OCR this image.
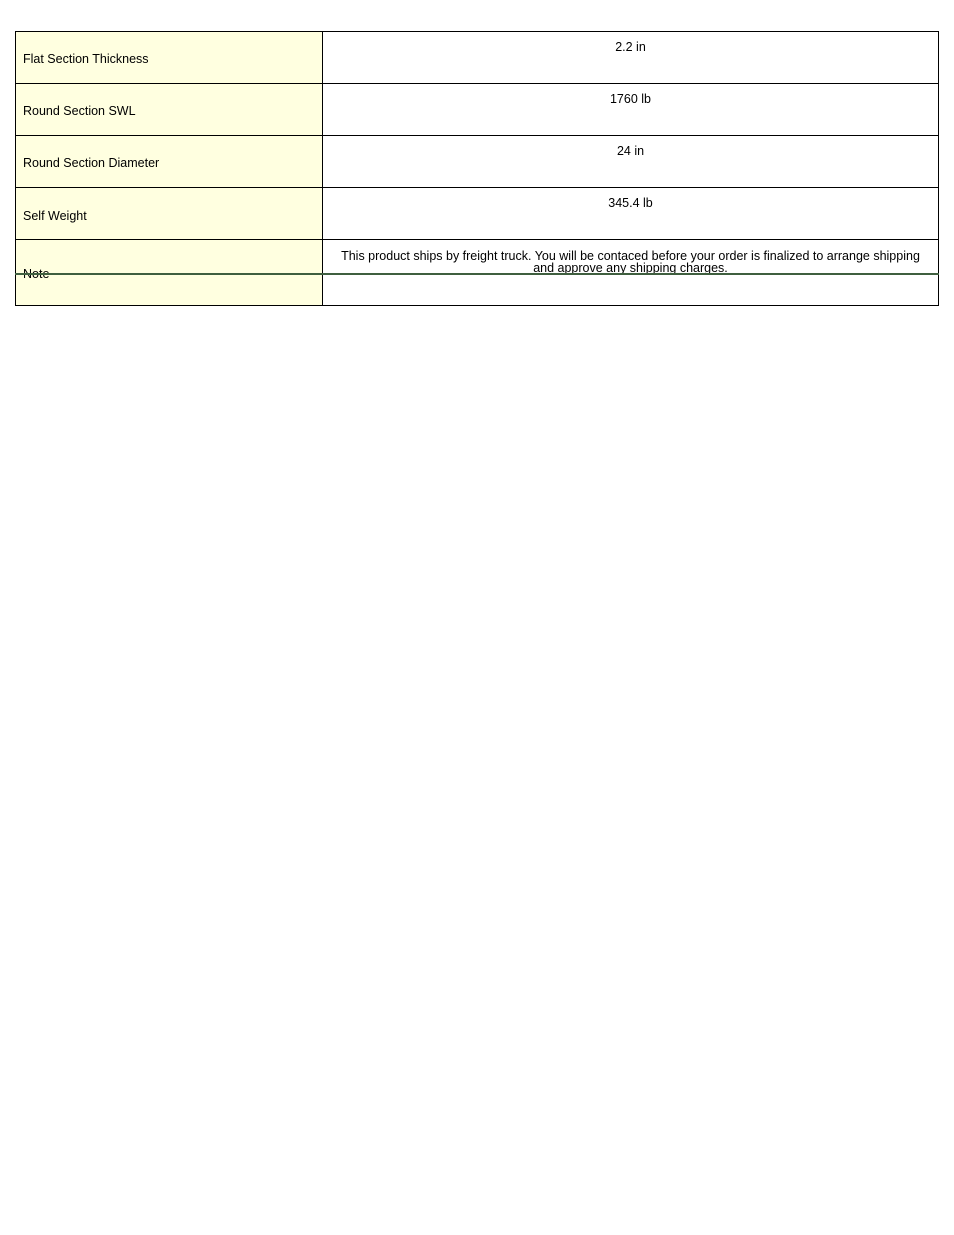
Flat Section Thickness	2.2 in
Round Section SWL	1760 lb
Round Section Diameter	24 in
Self Weight	345.4 lb
Note	This product ships by freight truck. You will be contaced before your order is finalized to arrange shipping and approve any shipping charges.
